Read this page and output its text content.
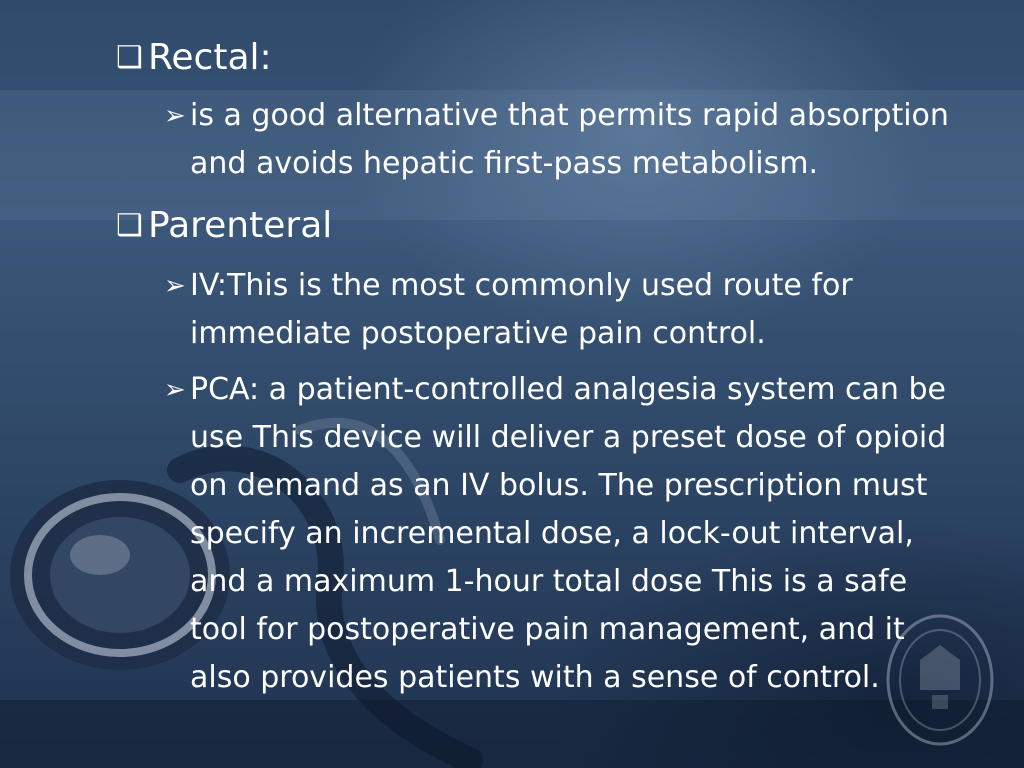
❑ Rectal:
➢ is a good alternative that permits rapid absorption
and avoids hepatic first-pass metabolism.
❑ Parenteral
➢ IV:This is the most commonly used route for
immediate postoperative pain control.
➢ PCA: a patient-controlled analgesia system can be
use This device will deliver a preset dose of opioid
on demand as an IV bolus. The prescription must
specify an incremental dose, a lock-out interval,
and a maximum 1-hour total dose This is a safe
tool for postoperative pain management, and it
also provides patients with a sense of control.
